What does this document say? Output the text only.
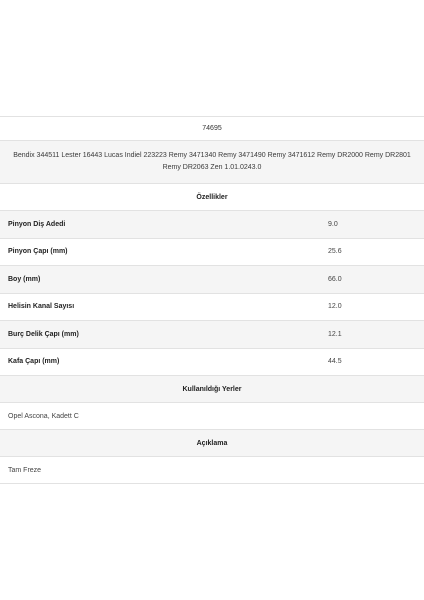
74695
Bendix 344511 Lester 16443 Lucas Indiel 223223 Remy 3471340 Remy 3471490 Remy 3471612 Remy DR2000 Remy DR2801 Remy DR2063 Zen 1.01.0243.0
Özellikler
Pinyon Diş Adedi	9.0
Pinyon Çapı (mm)	25.6
Boy (mm)	66.0
Helisin Kanal Sayısı	12.0
Burç Delik Çapı (mm)	12.1
Kafa Çapı (mm)	44.5
Kullanıldığı Yerler
Opel Ascona, Kadett C
Açıklama
Tam Freze
